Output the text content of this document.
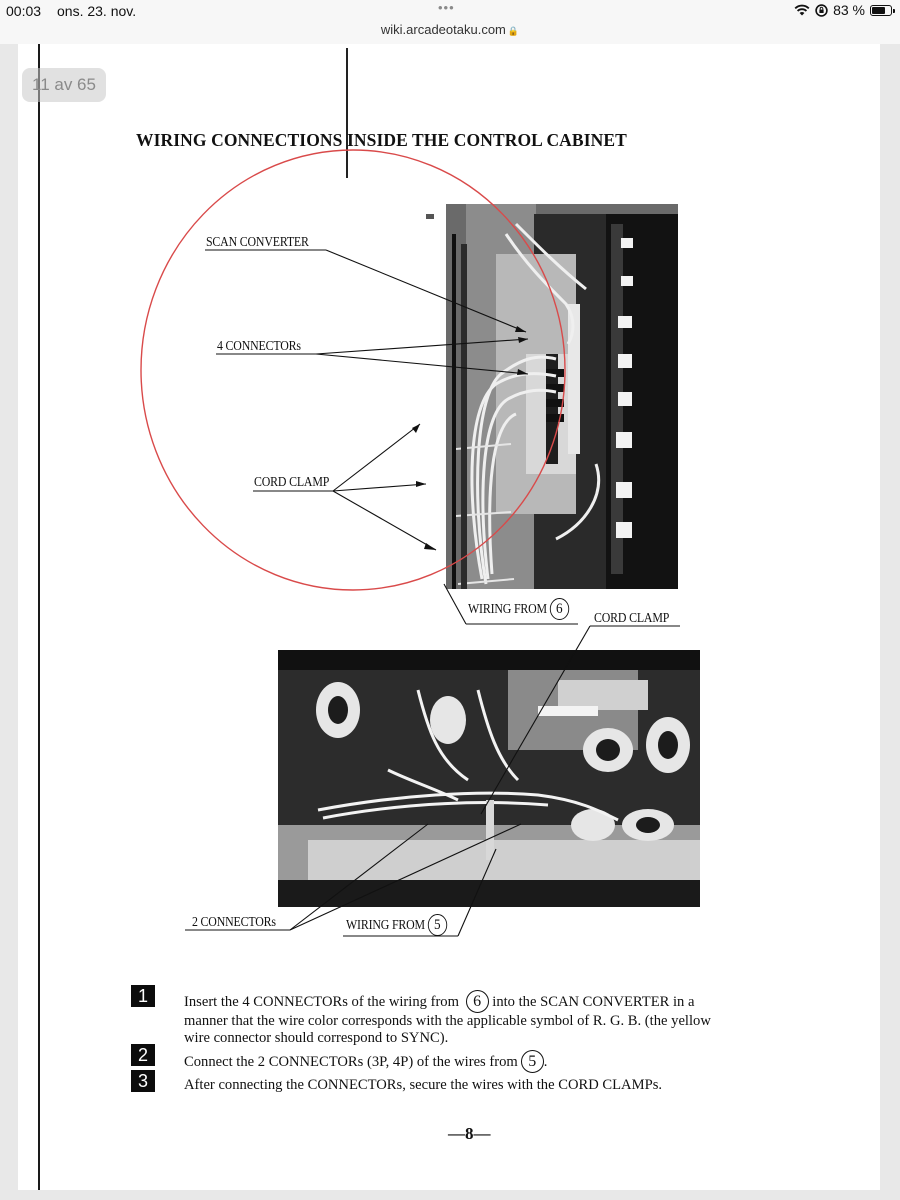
00:03 ons. 23. nov.	•••
wiki.arcadeotaku.com 🔒
83 %
WIRING CONNECTIONS INSIDE THE CONTROL CABINET
SCAN CONVERTER
4 CONNECTORs
CORD CLAMP
WIRING FROM 6
CORD CLAMP
2 CONNECTORs	WIRING FROM 5
1	Insert the 4 CONNECTORs of the wiring from 6 into the SCAN CONVERTER in a
manner that the wire color corresponds with the applicable symbol of R. G. B. (the yellow
wire connector should correspond to SYNC).
2	Connect the 2 CONNECTORs (3P, 4P) of the wires from 5 .
3	After connecting the CONNECTORs, secure the wires with the CORD CLAMPs.
—8—
11 av 65
